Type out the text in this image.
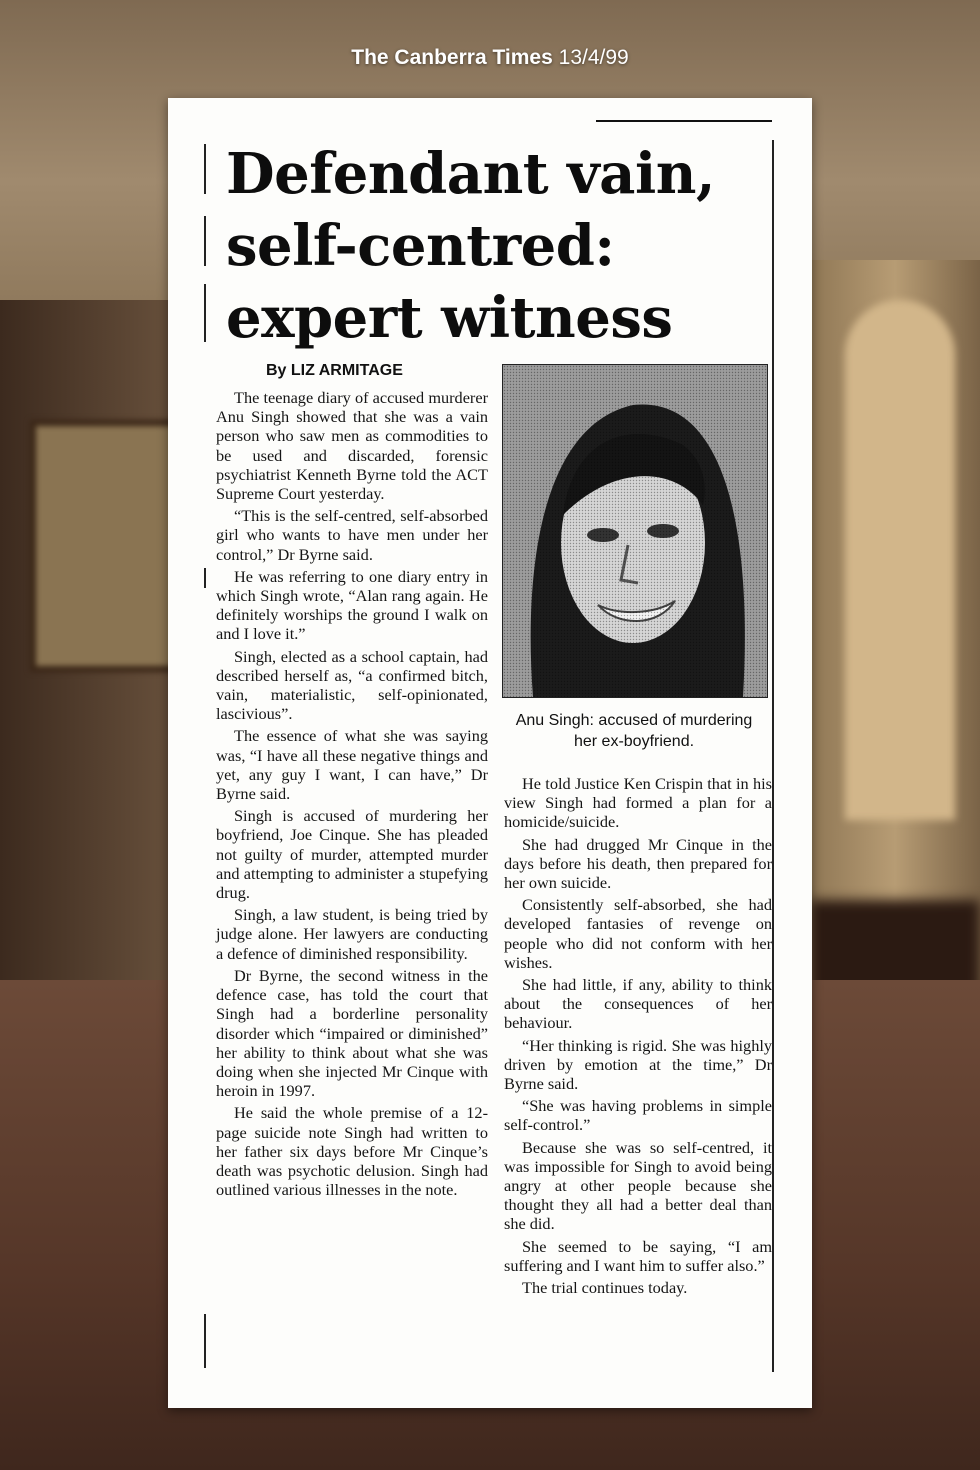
The Canberra Times 13/4/99
Defendant vain,
self-centred:
expert witness

By LIZ ARMITAGE

Anu Singh: accused of murdering her ex-boyfriend.

The teenage diary of accused murderer Anu Singh showed that she was a vain person who saw men as commodities to be used and discarded, forensic psychiatrist Kenneth Byrne told the ACT Supreme Court yesterday.

“This is the self-centred, self-absorbed girl who wants to have men under her control,” Dr Byrne said.

He was referring to one diary entry in which Singh wrote, “Alan rang again. He definitely worships the ground I walk on and I love it.”

Singh, elected as a school captain, had described herself as, “a confirmed bitch, vain, materialistic, self-opinionated, lascivious”.

The essence of what she was saying was, “I have all these negative things and yet, any guy I want, I can have,” Dr Byrne said.

Singh is accused of murdering her boyfriend, Joe Cinque. She has pleaded not guilty of murder, attempted murder and attempting to administer a stupefying drug.

Singh, a law student, is being tried by judge alone. Her lawyers are conducting a defence of diminished responsibility.

Dr Byrne, the second witness in the defence case, has told the court that Singh had a borderline personality disorder which “impaired or diminished” her ability to think about what she was doing when she injected Mr Cinque with heroin in 1997.

He said the whole premise of a 12-page suicide note Singh had written to her father six days before Mr Cinque’s death was psychotic delusion. Singh had outlined various illnesses in the note.

He told Justice Ken Crispin that in his view Singh had formed a plan for a homicide/suicide.

She had drugged Mr Cinque in the days before his death, then prepared for her own suicide.

Consistently self-absorbed, she had developed fantasies of revenge on people who did not conform with her wishes.

She had little, if any, ability to think about the consequences of her behaviour.

“Her thinking is rigid. She was highly driven by emotion at the time,” Dr Byrne said.

“She was having problems in simple self-control.”

Because she was so self-centred, it was impossible for Singh to avoid being angry at other people because she thought they all had a better deal than she did.

She seemed to be saying, “I am suffering and I want him to suffer also.”

The trial continues today.
